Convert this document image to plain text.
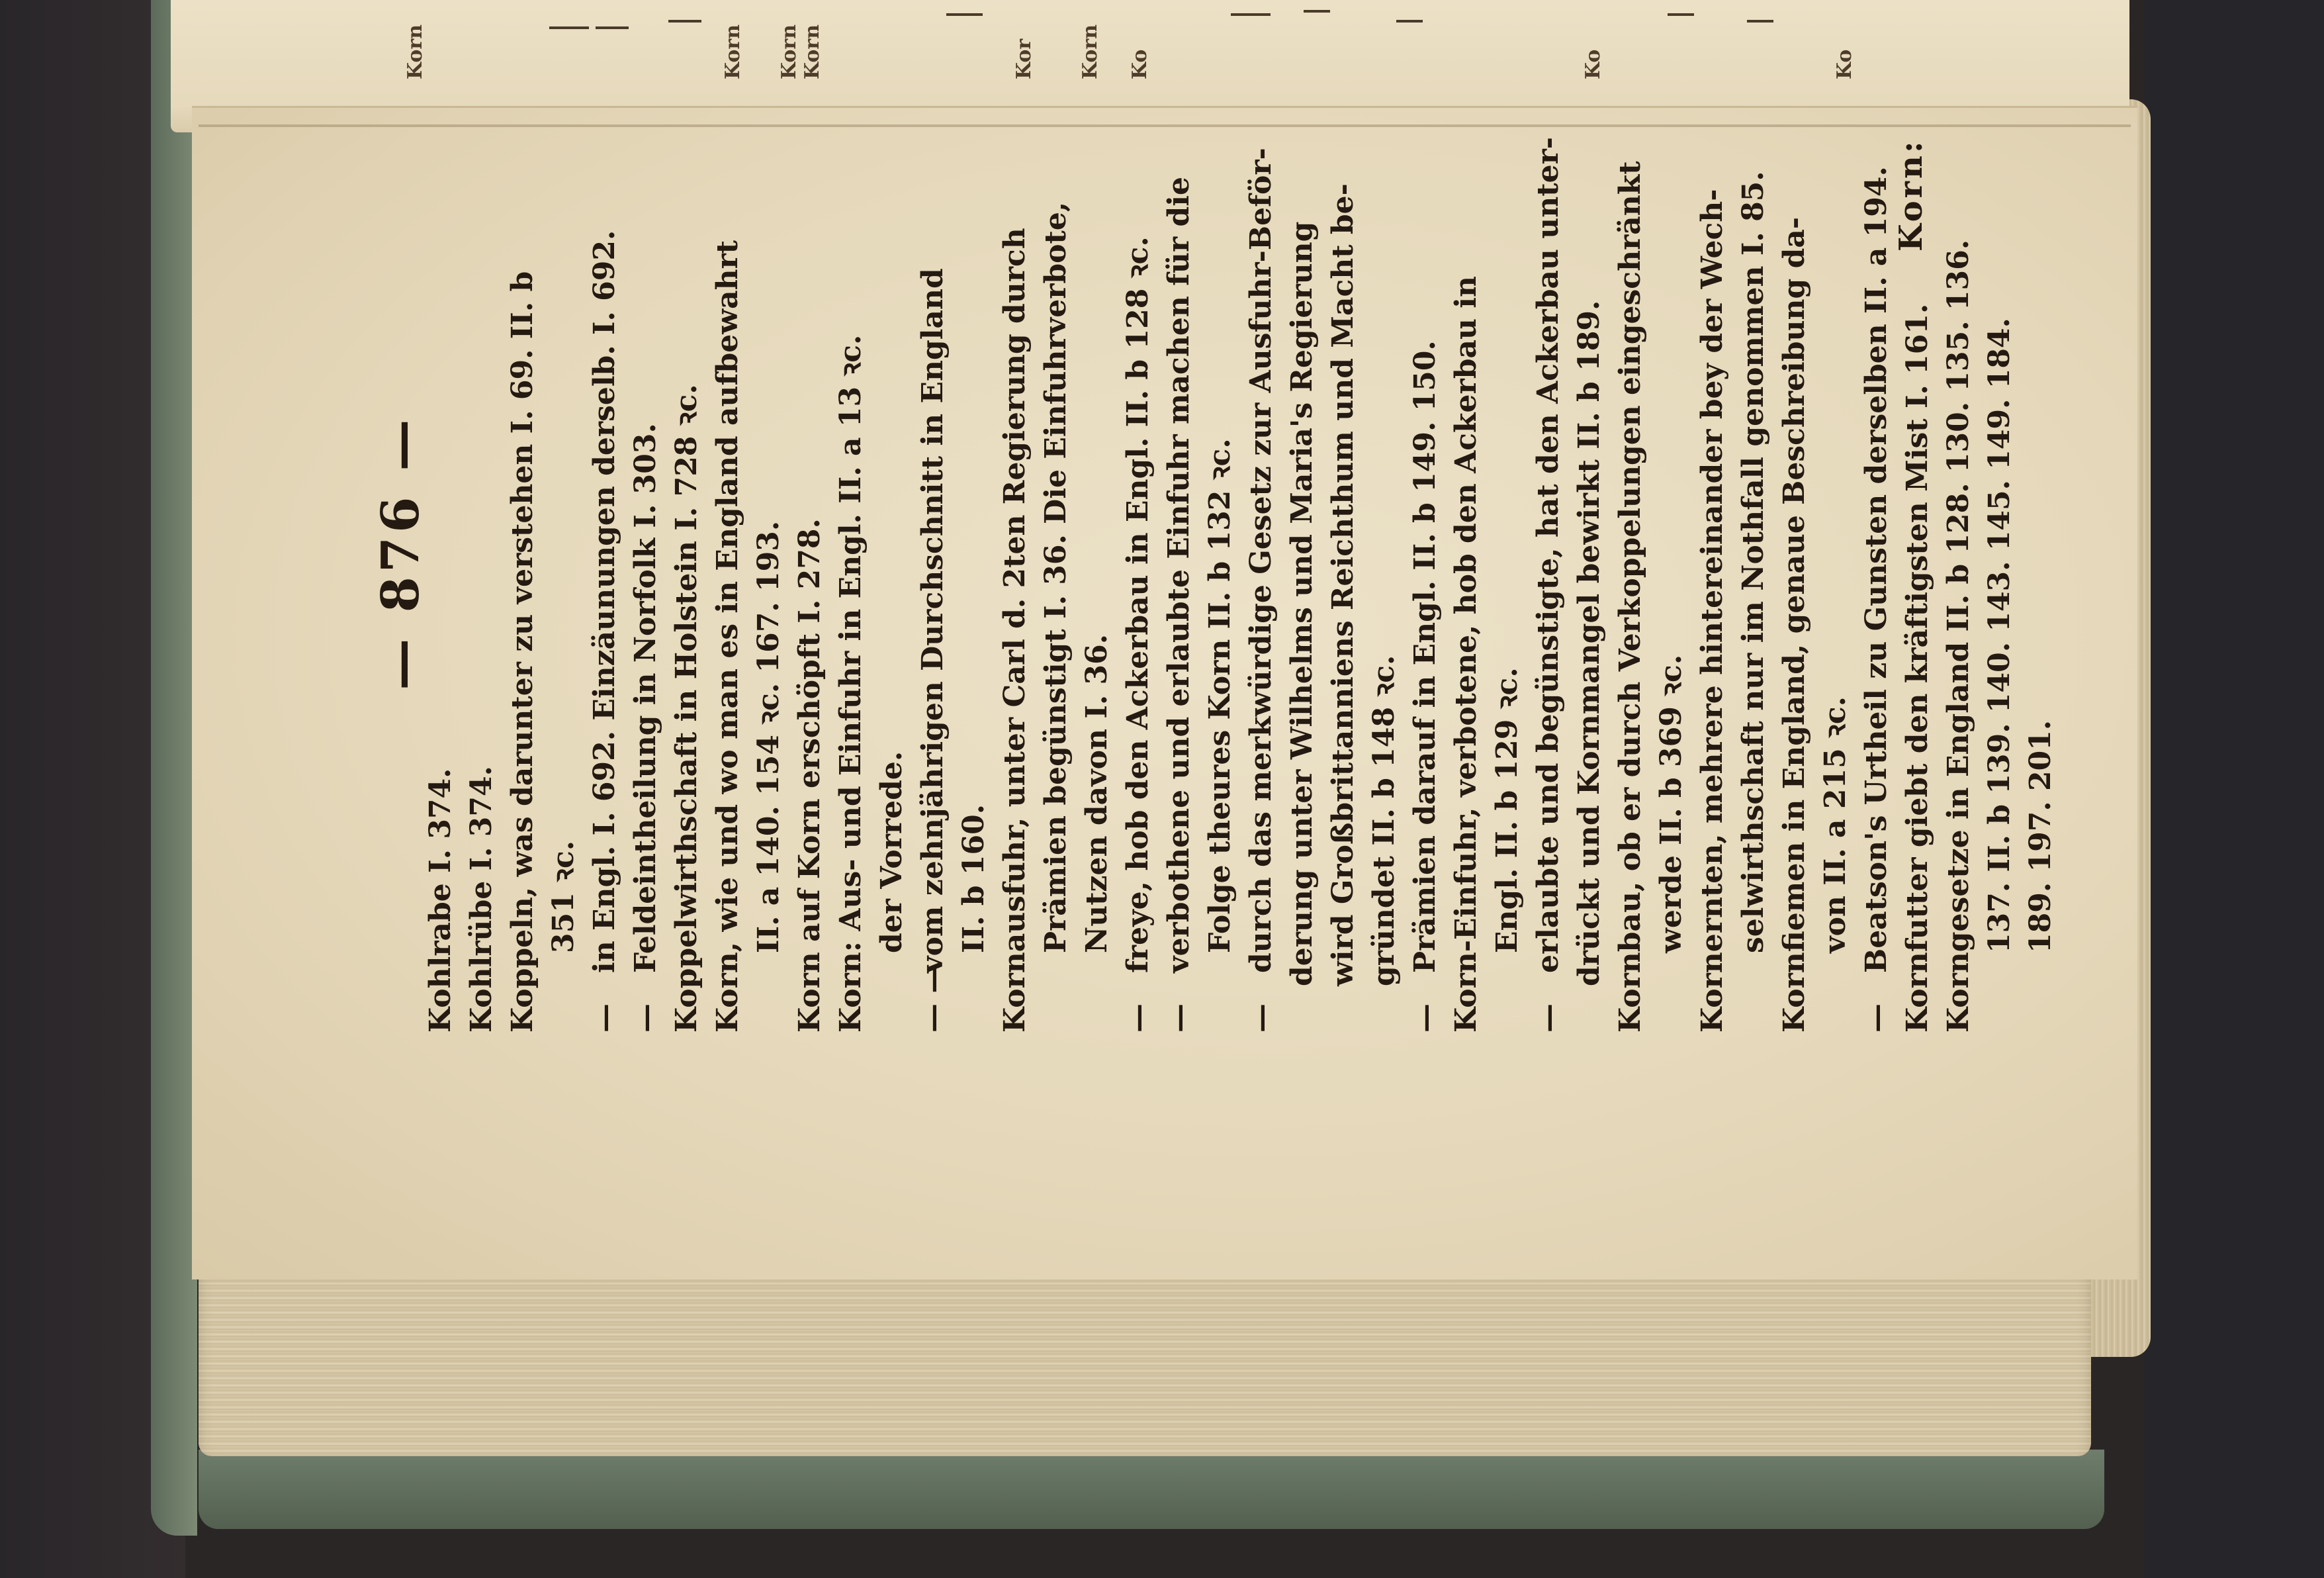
Korn	Korn Korn Korn	Kor Korn Ko	Ko	Ko
— 876 —
Kohlrabe I. 374. Kohlrübe I. 374. Koppeln, was darunter zu verstehen I. 69. II. b 351 ꝛc.
—in Engl. I. 692. Einzäunungen derselb. I. 692.
—Feldeintheilung in Norfolk I. 303. Koppelwirthschaft in Holstein I. 728 ꝛc. Korn, wie und wo man es in England aufbewahrt II. a 140. 154 ꝛc. 167. 193. Korn auf Korn erschöpft I. 278. Korn: Aus- und Einfuhr in Engl. II. a 13 ꝛc. der Vorrede.
— —vom zehnjährigen Durchschnitt in England II. b 160. Kornausfuhr, unter Carl d. 2ten Regierung durch Prämien begünstigt I. 36. Die Einfuhrverbote, Nutzen davon I. 36.
—freye, hob den Ackerbau in Engl. II. b 128 ꝛc.
—verbothene und erlaubte Einfuhr machen für die Folge theures Korn II. b 132 ꝛc.
—durch das merkwürdige Gesetz zur Ausfuhr-Beför- derung unter Wilhelms und Maria's Regierung wird Großbrittanniens Reichthum und Macht be- gründet II. b 148 ꝛc.
—Prämien darauf in Engl. II. b 149. 150. Korn-Einfuhr, verbotene, hob den Ackerbau in Engl. II. b 129 ꝛc.
—erlaubte und begünstigte, hat den Ackerbau unter- drückt und Kornmangel bewirkt II. b 189. Kornbau, ob er durch Verkoppelungen eingeschränkt werde II. b 369 ꝛc. Kornernten, mehrere hintereinander bey der Wech- selwirthschaft nur im Nothfall genommen I. 85. Kornfiemen in England, genaue Beschreibung da- von II. a 215 ꝛc.
—Beatson's Urtheil zu Gunsten derselben II. a 194. Kornfutter giebt den kräftigsten Mist I. 161. Korngesetze in England II. b 128. 130. 135. 136. 137. II. b 139. 140. 143. 145. 149. 184. 189. 197. 201.
Korn:
